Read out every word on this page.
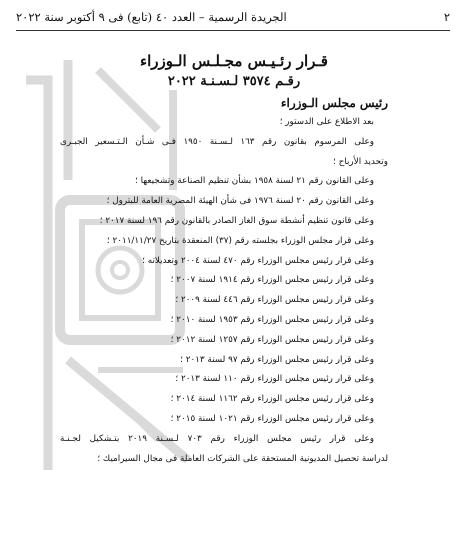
٢
الجريدة الرسمية – العدد ٤٠ (تابع) فى ٩ أكتوبر سنة ٢٠٢٢
قـرار رئـيـس مجـلـس الـوزراء
رقـم ٣٥٧٤ لـسـنـة ٢٠٢٢
رئيس مجلس الـوزراء
بعد الاطلاع على الدستور ؛
وعلى المرسوم بقانون رقم ١٦٣ لـسـنة ١٩٥٠ فـى شـأن الـتـسعير الجبـرى
وتحديد الأرباح ؛
وعلى القانون رقم ٢١ لسنة ١٩٥٨ بشأن تنظيم الصناعة وتشجيعها ؛
وعلى القانون رقم ٢٠ لسنة ١٩٧٦ فى شأن الهيئة المصرية العامة للبترول ؛
وعلى قانون تنظيم أنشطة سوق الغاز الصادر بالقانون رقم ١٩٦ لسنة ٢٠١٧ ؛
وعلى قرار مجلس الوزراء بجلسته رقم (٣٧) المنعقدة بتاريخ ٢٠١١/١١/٢٧ ؛
وعلى قرار رئيس مجلس الوزراء رقم ٤٧٠ لسنة ٢٠٠٤ وتعديلاته ؛
وعلى قرار رئيس مجلس الوزراء رقم ١٩١٤ لسنة ٢٠٠٧ ؛
وعلى قرار رئيس مجلس الوزراء رقم ٤٤٦ لسنة ٢٠٠٩ ؛
وعلى قرار رئيس مجلس الوزراء رقم ١٩٥٣ لسنة ٢٠١٠ ؛
وعلى قرار رئيس مجلس الوزراء رقم ١٢٥٧ لسنة ٢٠١٢ ؛
وعلى قرار رئيس مجلس الوزراء رقم ٩٧ لسنة ٢٠١٣ ؛
وعلى قرار رئيس مجلس الوزراء رقم ١١٠ لسنة ٢٠١٣ ؛
وعلى قرار رئيس مجلس الوزراء رقم ١١٦٢ لسنة ٢٠١٤ ؛
وعلى قرار رئيس مجلس الوزراء رقم ١٠٢١ لسنة ٢٠١٥ ؛
وعلى قرار رئيس مجلس الوزراء رقم ٧٠٣ لـسـنة ٢٠١٩ بتـشكيل لجـنـة
لدراسة تحصيل المديونية المستحقة على الشركات العاملة فى مجال السيراميك ؛
